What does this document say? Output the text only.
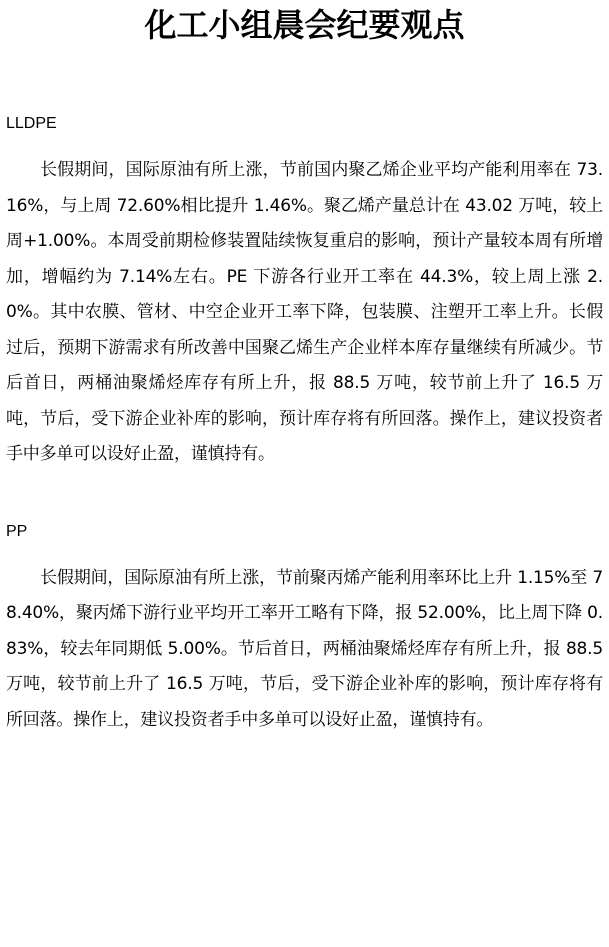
化工小组晨会纪要观点
LLDPE

长假期间，国际原油有所上涨，节前国内聚乙烯企业平均产能利用率在 73.16%，与上周 72.60%相比提升 1.46%。聚乙烯产量总计在 43.02 万吨，较上周+1.00%。本周受前期检修装置陆续恢复重启的影响，预计产量较本周有所增加，增幅约为 7.14%左右。PE 下游各行业开工率在 44.3%，较上周上涨 2.0%。其中农膜、管材、中空企业开工率下降，包装膜、注塑开工率上升。长假过后，预期下游需求有所改善中国聚乙烯生产企业样本库存量继续有所减少。节后首日，两桶油聚烯烃库存有所上升，报 88.5 万吨，较节前上升了 16.5 万吨，节后，受下游企业补库的影响，预计库存将有所回落。操作上，建议投资者手中多单可以设好止盈，谨慎持有。

PP

长假期间，国际原油有所上涨，节前聚丙烯产能利用率环比上升 1.15%至 78.40%，聚丙烯下游行业平均开工率开工略有下降，报 52.00%，比上周下降 0.83%，较去年同期低 5.00%。节后首日，两桶油聚烯烃库存有所上升，报 88.5 万吨，较节前上升了 16.5 万吨，节后，受下游企业补库的影响，预计库存将有所回落。操作上，建议投资者手中多单可以设好止盈，谨慎持有。
